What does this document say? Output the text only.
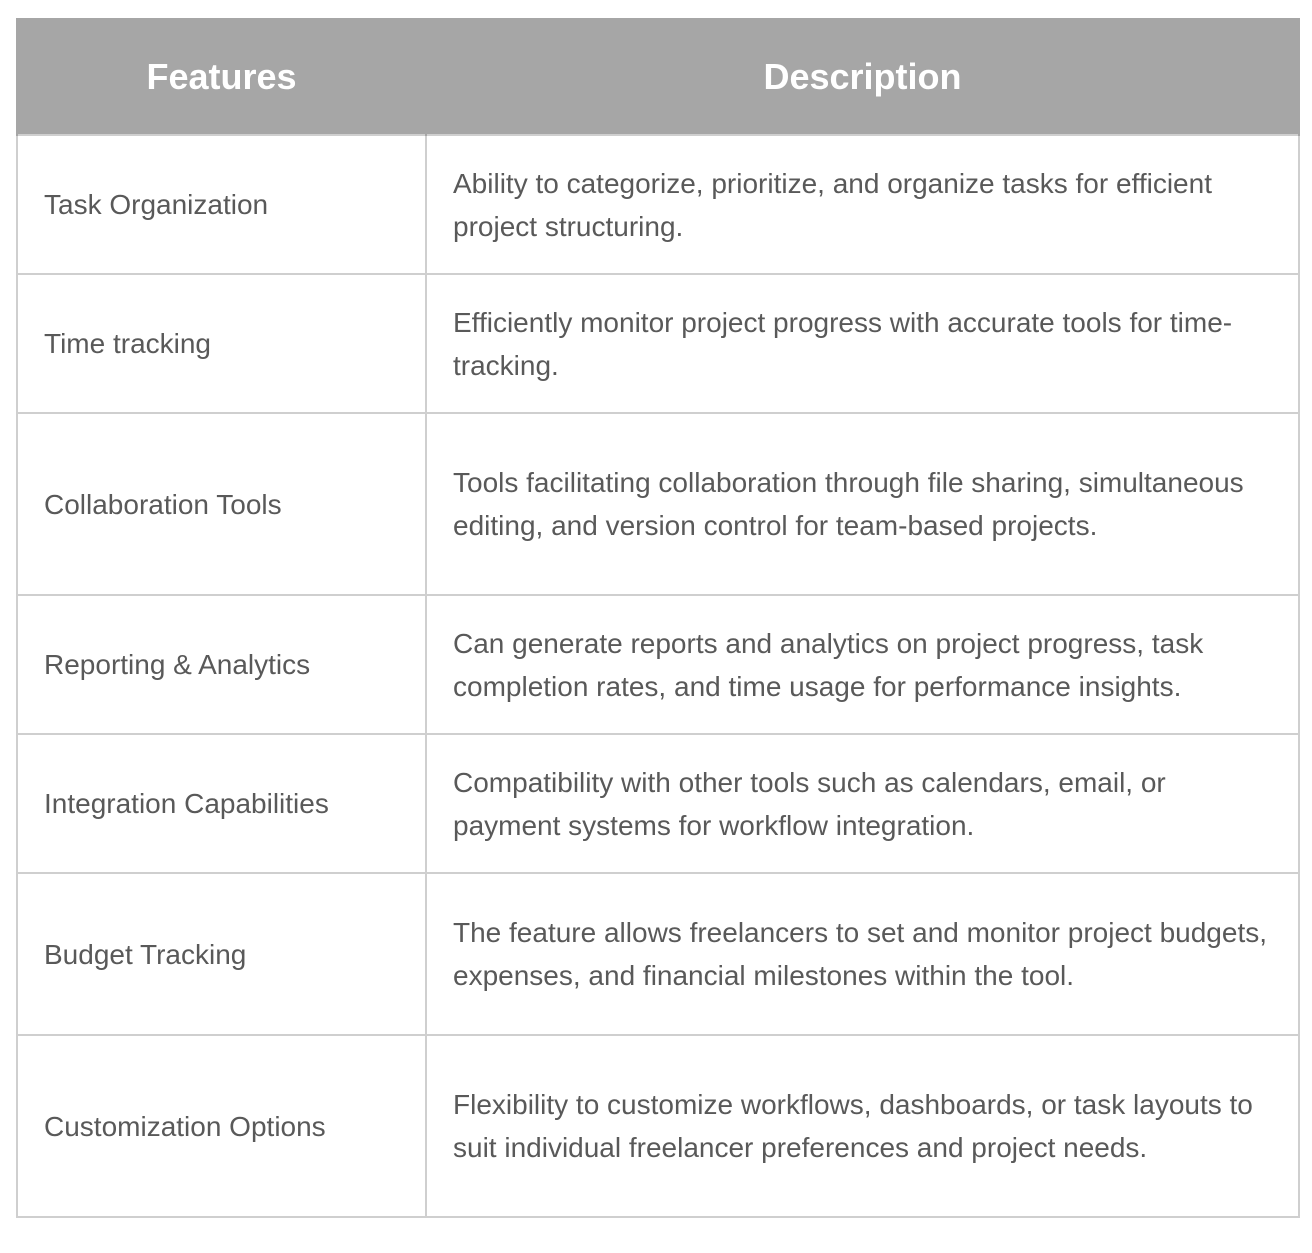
Features	Description
Task Organization	Ability to categorize, prioritize, and organize tasks for efficient project structuring.
Time tracking	Efficiently monitor project progress with accurate tools for time-tracking.
Collaboration Tools	Tools facilitating collaboration through file sharing, simultaneous editing, and version control for team-based projects.
Reporting & Analytics	Can generate reports and analytics on project progress, task completion rates, and time usage for performance insights.
Integration Capabilities	Compatibility with other tools such as calendars, email, or payment systems for workflow integration.
Budget Tracking	The feature allows freelancers to set and monitor project budgets, expenses, and financial milestones within the tool.
Customization Options	Flexibility to customize workflows, dashboards, or task layouts to suit individual freelancer preferences and project needs.
